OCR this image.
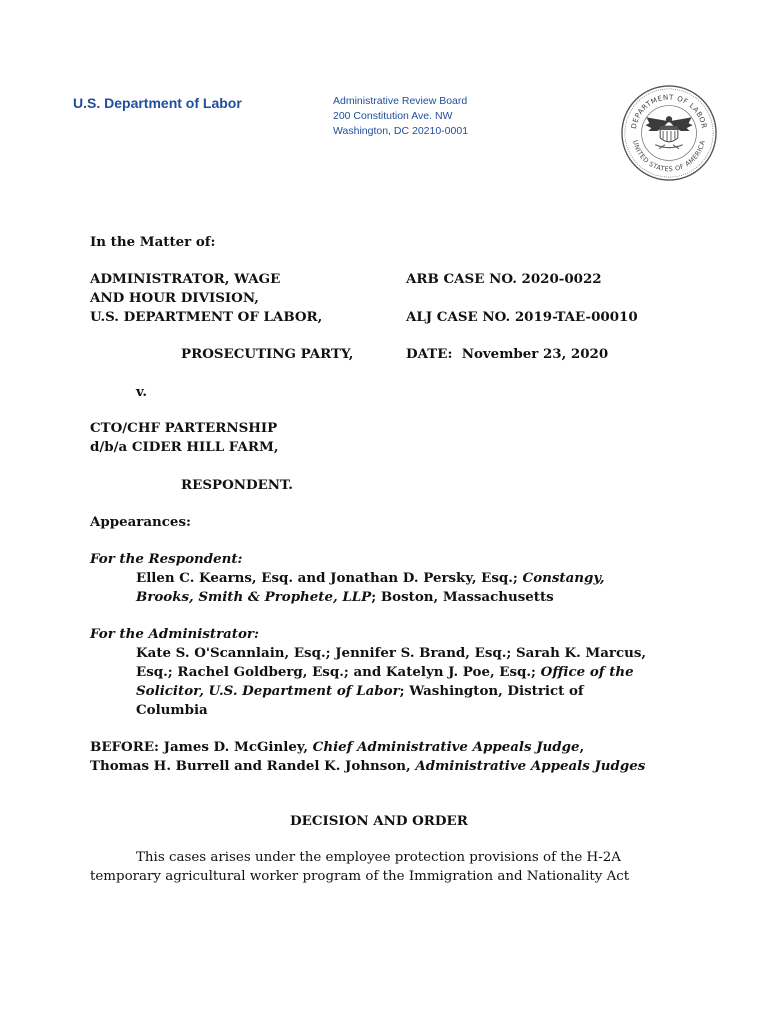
U.S. Department of Labor	Administrative Review Board
200 Constitution Ave. NW
Washington, DC 20210-0001	DEPARTMENT OF LABOR
UNITED STATES OF AMERICA
In the Matter of:
ADMINISTRATOR, WAGE
AND HOUR DIVISION,
U.S. DEPARTMENT OF LABOR,
PROSECUTING PARTY,
ARB CASE NO. 2020-0022
ALJ CASE NO. 2019-TAE-00010
DATE: November 23, 2020
v.
CTO/CHF PARTERNSHIP
d/b/a CIDER HILL FARM,
RESPONDENT.
Appearances:
For the Respondent:
Ellen C. Kearns, Esq. and Jonathan D. Persky, Esq.; Constangy,
Brooks, Smith & Prophete, LLP; Boston, Massachusetts
For the Administrator:
Kate S. O'Scannlain, Esq.; Jennifer S. Brand, Esq.; Sarah K. Marcus,
Esq.; Rachel Goldberg, Esq.; and Katelyn J. Poe, Esq.; Office of the
Solicitor, U.S. Department of Labor; Washington, District of
Columbia
BEFORE: James D. McGinley, Chief Administrative Appeals Judge,
Thomas H. Burrell and Randel K. Johnson, Administrative Appeals Judges
DECISION AND ORDER
This cases arises under the employee protection provisions of the H-2A
temporary agricultural worker program of the Immigration and Nationality Act
